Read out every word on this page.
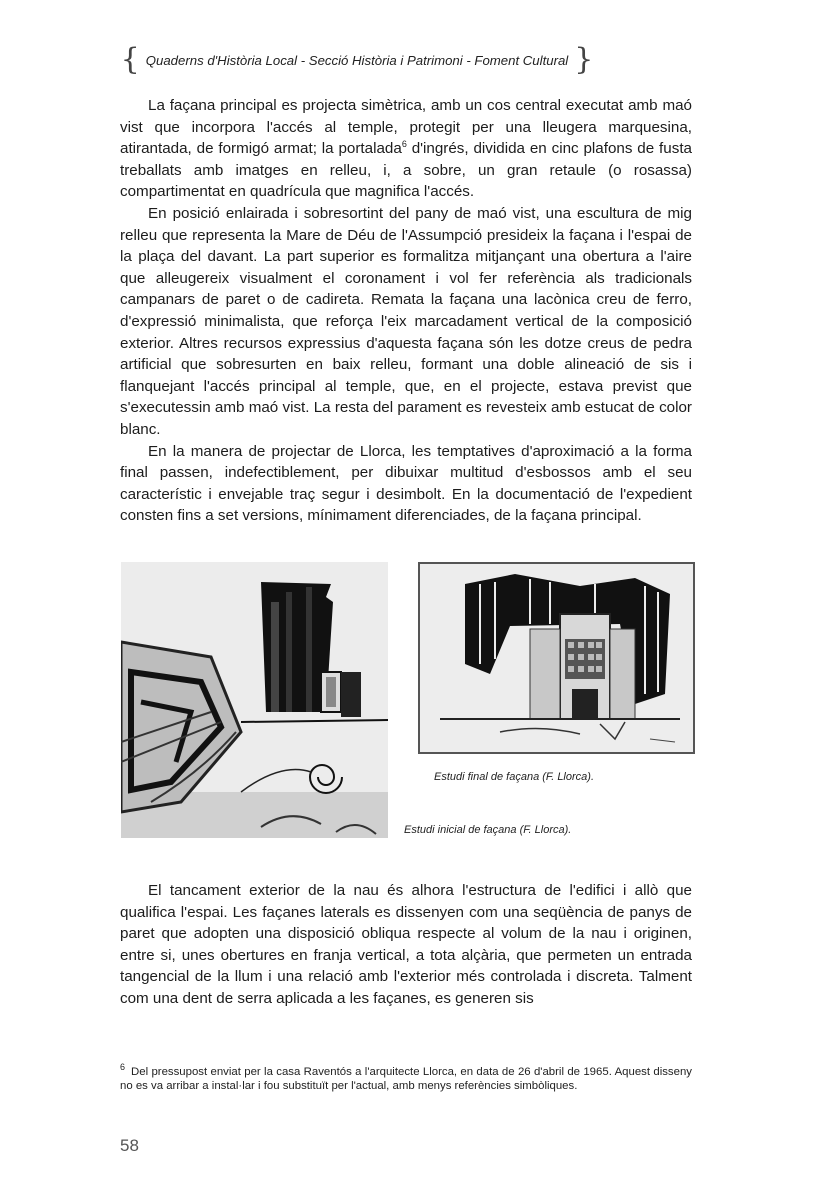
{ Quaderns d'Història Local - Secció Història i Patrimoni - Foment Cultural }

La façana principal es projecta simètrica, amb un cos central executat amb maó vist que incorpora l'accés al temple, protegit per una lleugera marquesina, atirantada, de formigó armat; la portalada$^6$ d'ingrés, dividida en cinc plafons de fusta treballats amb imatges en relleu, i, a sobre, un gran retaule (o rosassa) compartimentat en quadrícula que magnifica l'accés.

En posició enlairada i sobresortint del pany de maó vist, una escultura de mig relleu que representa la Mare de Déu de l'Assumpció presideix la façana i l'espai de la plaça del davant. La part superior es formalitza mitjançant una obertura a l'aire que alleugereix visualment el coronament i vol fer referència als tradicionals campanars de paret o de cadireta. Remata la façana una lacònica creu de ferro, d'expressió minimalista, que reforça l'eix marcadament vertical de la composició exterior. Altres recursos expressius d'aquesta façana són les dotze creus de pedra artificial que sobresurten en baix relleu, formant una doble alineació de sis i flanquejant l'accés principal al temple, que, en el projecte, estava previst que s'executessin amb maó vist. La resta del parament es revesteix amb estucat de color blanc.

En la manera de projectar de Llorca, les temptatives d'aproximació a la forma final passen, indefectiblement, per dibuixar multitud d'esbossos amb el seu característic i envejable traç segur i desimbolt. En la documentació de l'expedient consten fins a set versions, mínimament diferenciades, de la façana principal.

Estudi final de façana (F. Llorca).
Estudi inicial de façana (F. Llorca).

El tancament exterior de la nau és alhora l'estructura de l'edifici i allò que qualifica l'espai. Les façanes laterals es dissenyen com una seqüència de panys de paret que adopten una disposició obliqua respecte al volum de la nau i originen, entre si, unes obertures en franja vertical, a tota alçària, que permeten un entrada tangencial de la llum i una relació amb l'exterior més controlada i discreta. Talment com una dent de serra aplicada a les façanes, es generen sis

$^6$ Del pressupost enviat per la casa Raventós a l'arquitecte Llorca, en data de 26 d'abril de 1965. Aquest disseny no es va arribar a instal·lar i fou substituït per l'actual, amb menys referències simbòliques.
58
